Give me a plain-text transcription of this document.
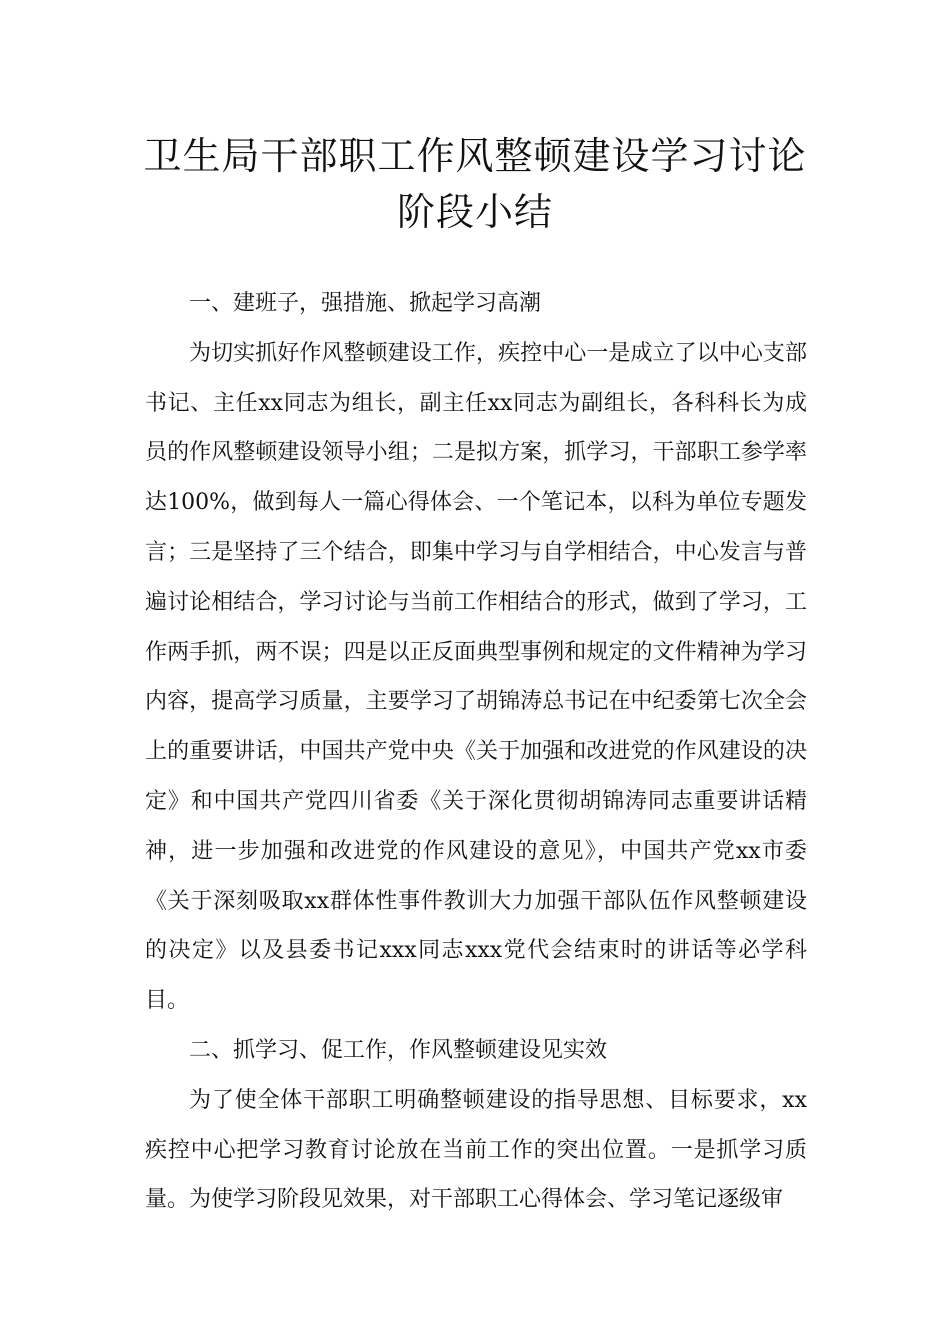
卫生局干部职工作风整顿建设学习讨论
阶段小结

一、建班子，强措施、掀起学习高潮

为切实抓好作风整顿建设工作，疾控中心一是成立了以中心支部书记、主任xx同志为组长，副主任xx同志为副组长，各科科长为成员的作风整顿建设领导小组；二是拟方案，抓学习，干部职工参学率达100%，做到每人一篇心得体会、一个笔记本，以科为单位专题发言；三是坚持了三个结合，即集中学习与自学相结合，中心发言与普遍讨论相结合，学习讨论与当前工作相结合的形式，做到了学习，工作两手抓，两不误；四是以正反面典型事例和规定的文件精神为学习内容，提高学习质量，主要学习了胡锦涛总书记在中纪委第七次全会上的重要讲话，中国共产党中央《关于加强和改进党的作风建设的决定》和中国共产党四川省委《关于深化贯彻胡锦涛同志重要讲话精神，进一步加强和改进党的作风建设的意见》，中国共产党xx市委《关于深刻吸取xx群体性事件教训大力加强干部队伍作风整顿建设的决定》以及县委书记xxx同志xxx党代会结束时的讲话等必学科目。

二、抓学习、促工作，作风整顿建设见实效

为了使全体干部职工明确整顿建设的指导思想、目标要求，xx疾控中心把学习教育讨论放在当前工作的突出位置。一是抓学习质量。为使学习阶段见效果，对干部职工心得体会、学习笔记逐级审
